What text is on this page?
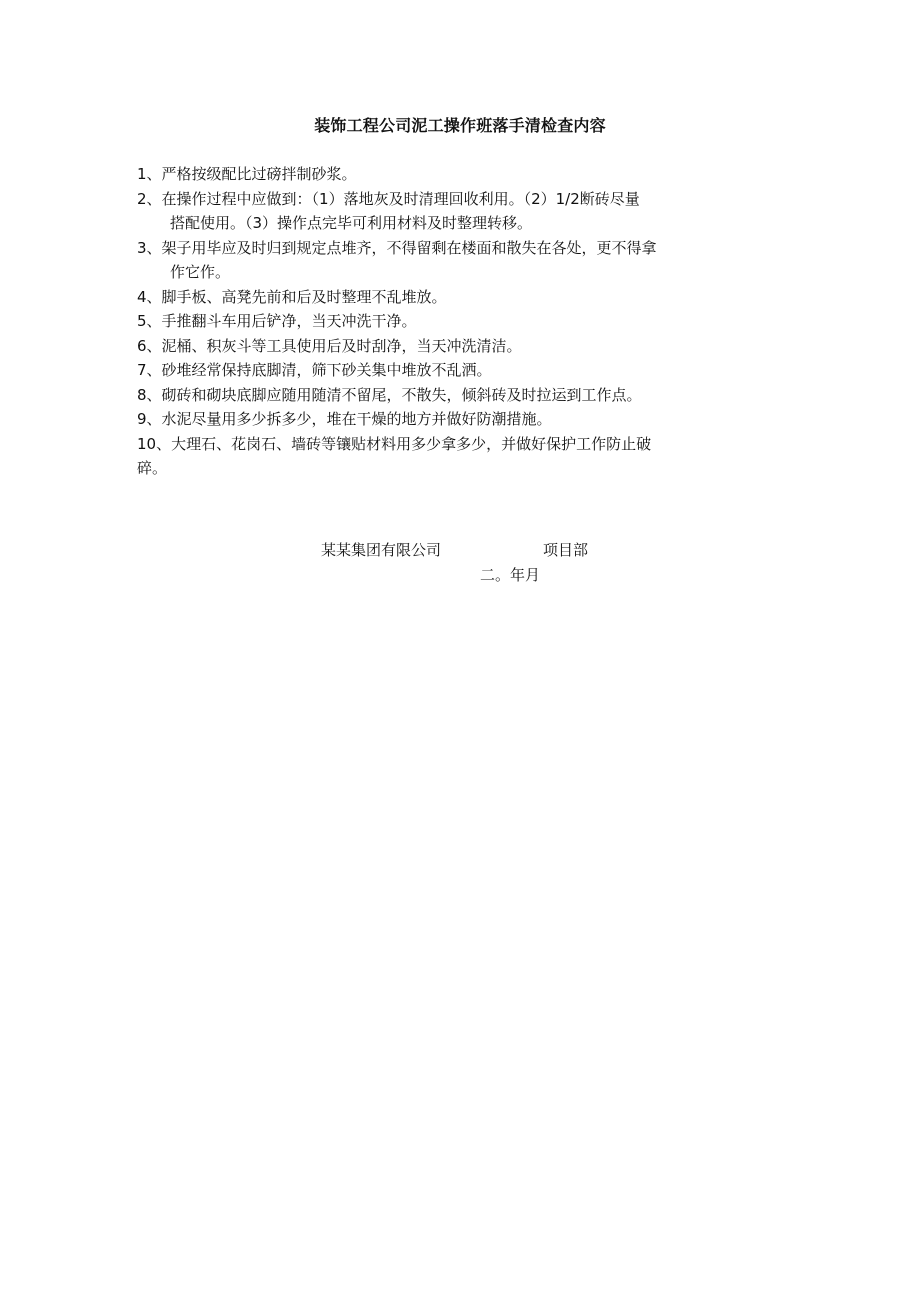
装饰工程公司泥工操作班落手清检查内容
1、严格按级配比过磅拌制砂浆。
2、在操作过程中应做到：（1）落地灰及时清理回收利用。（2）1/2断砖尽量
搭配使用。（3）操作点完毕可利用材料及时整理转移。
3、架子用毕应及时归到规定点堆齐，不得留剩在楼面和散失在各处，更不得拿
作它作。
4、脚手板、高凳先前和后及时整理不乱堆放。
5、手推翻斗车用后铲净，当天冲洗干净。
6、泥桶、积灰斗等工具使用后及时刮净，当天冲洗清洁。
7、砂堆经常保持底脚清，筛下砂关集中堆放不乱洒。
8、砌砖和砌块底脚应随用随清不留尾，不散失，倾斜砖及时拉运到工作点。
9、水泥尽量用多少拆多少，堆在干燥的地方并做好防潮措施。
10、大理石、花岗石、墙砖等镶贴材料用多少拿多少，并做好保护工作防止破
碎。
某某集团有限公司	项目部
二。年月
